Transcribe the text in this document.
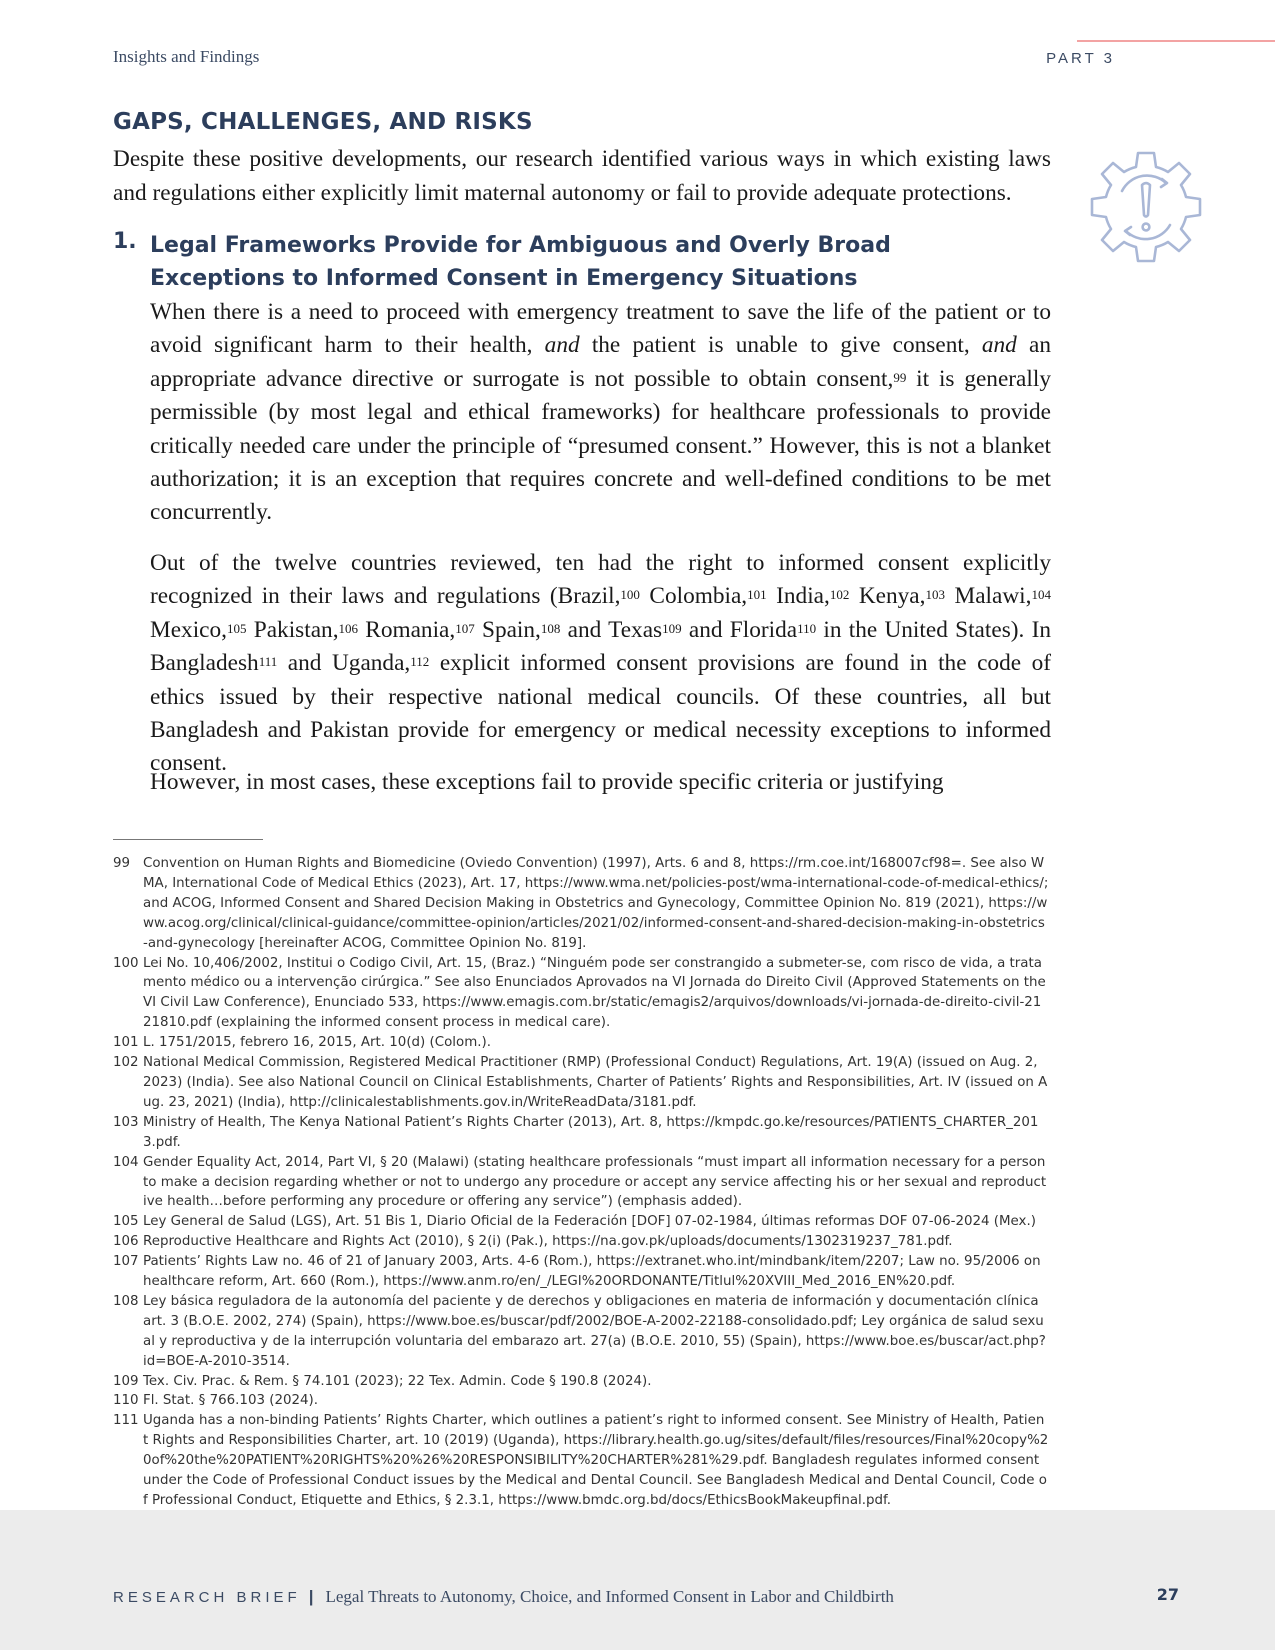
Insights and Findings	PART 3
GAPS, CHALLENGES, AND RISKS

Despite these positive developments, our research identified various ways in which existing laws and regulations either explicitly limit maternal autonomy or fail to provide adequate protections.

1. Legal Frameworks Provide for Ambiguous and Overly Broad Exceptions to Informed Consent in Emergency Situations

When there is a need to proceed with emergency treatment to save the life of the patient or to avoid significant harm to their health, and the patient is unable to give consent, and an appropriate advance directive or surrogate is not possible to obtain consent,$^{99}$ it is generally permissible (by most legal and ethical frameworks) for healthcare professionals to provide critically needed care under the principle of “presumed consent.” However, this is not a blanket authorization; it is an exception that requires concrete and well-defined conditions to be met concurrently.

Out of the twelve countries reviewed, ten had the right to informed consent explicitly recognized in their laws and regulations (Brazil,$^{100}$ Colombia,$^{101}$ India,$^{102}$ Kenya,$^{103}$ Malawi,$^{104}$ Mexico,$^{105}$ Pakistan,$^{106}$ Romania,$^{107}$ Spain,$^{108}$ and Texas$^{109}$ and Florida$^{110}$ in the United States). In Bangladesh$^{111}$ and Uganda,$^{112}$ explicit informed consent provisions are found in the code of ethics issued by their respective national medical councils. Of these countries, all but Bangladesh and Pakistan provide for emergency or medical necessity exceptions to informed consent.

However, in most cases, these exceptions fail to provide specific criteria or justifying

99 Convention on Human Rights and Biomedicine (Oviedo Convention) (1997), Arts. 6 and 8, https://rm.coe.int/168007cf98=. See also WMA, International Code of Medical Ethics (2023), Art. 17, https://www.wma.net/policies-post/wma-international-code-of-medical-ethics/; and ACOG, Informed Consent and Shared Decision Making in Obstetrics and Gynecology, Committee Opinion No. 819 (2021), https://www.acog.org/clinical/clinical-guidance/committee-opinion/articles/2021/02/informed-consent-and-shared-decision-making-in-obstetrics-and-gynecology [hereinafter ACOG, Committee Opinion No. 819].
100 Lei No. 10,406/2002, Institui o Codigo Civil, Art. 15, (Braz.) “Ninguém pode ser constrangido a submeter-se, com risco de vida, a tratamento médico ou a intervenção cirúrgica.” See also Enunciados Aprovados na VI Jornada do Direito Civil (Approved Statements on the VI Civil Law Conference), Enunciado 533, https://www.emagis.com.br/static/emagis2/arquivos/downloads/vi-jornada-de-direito-civil-2121810.pdf (explaining the informed consent process in medical care).
101 L. 1751/2015, febrero 16, 2015, Art. 10(d) (Colom.).
102 National Medical Commission, Registered Medical Practitioner (RMP) (Professional Conduct) Regulations, Art. 19(A) (issued on Aug. 2, 2023) (India). See also National Council on Clinical Establishments, Charter of Patients’ Rights and Responsibilities, Art. IV (issued on Aug. 23, 2021) (India), http://clinicalestablishments.gov.in/WriteReadData/3181.pdf.
103 Ministry of Health, The Kenya National Patient’s Rights Charter (2013), Art. 8, https://kmpdc.go.ke/resources/PATIENTS_CHARTER_2013.pdf.
104 Gender Equality Act, 2014, Part VI, § 20 (Malawi) (stating healthcare professionals “must impart all information necessary for a person to make a decision regarding whether or not to undergo any procedure or accept any service affecting his or her sexual and reproductive health…before performing any procedure or offering any service”) (emphasis added).
105 Ley General de Salud (LGS), Art. 51 Bis 1, Diario Oficial de la Federación [DOF] 07-02-1984, últimas reformas DOF 07-06-2024 (Mex.)
106 Reproductive Healthcare and Rights Act (2010), § 2(i) (Pak.), https://na.gov.pk/uploads/documents/1302319237_781.pdf.
107 Patients’ Rights Law no. 46 of 21 of January 2003, Arts. 4-6 (Rom.), https://extranet.who.int/mindbank/item/2207; Law no. 95/2006 on healthcare reform, Art. 660 (Rom.), https://www.anm.ro/en/_/LEGI%20ORDONANTE/Titlul%20XVIII_Med_2016_EN%20.pdf.
108 Ley básica reguladora de la autonomía del paciente y de derechos y obligaciones en materia de información y documentación clínica art. 3 (B.O.E. 2002, 274) (Spain), https://www.boe.es/buscar/pdf/2002/BOE-A-2002-22188-consolidado.pdf; Ley orgánica de salud sexual y reproductiva y de la interrupción voluntaria del embarazo art. 27(a) (B.O.E. 2010, 55) (Spain), https://www.boe.es/buscar/act.php?id=BOE-A-2010-3514.
109 Tex. Civ. Prac. & Rem. § 74.101 (2023); 22 Tex. Admin. Code § 190.8 (2024).
110 Fl. Stat. § 766.103 (2024).
111 Uganda has a non-binding Patients’ Rights Charter, which outlines a patient’s right to informed consent. See Ministry of Health, Patient Rights and Responsibilities Charter, art. 10 (2019) (Uganda), https://library.health.go.ug/sites/default/files/resources/Final%20copy%20of%20the%20PATIENT%20RIGHTS%20%26%20RESPONSIBILITY%20CHARTER%281%29.pdf. Bangladesh regulates informed consent under the Code of Professional Conduct issues by the Medical and Dental Council. See Bangladesh Medical and Dental Council, Code of Professional Conduct, Etiquette and Ethics, § 2.3.1, https://www.bmdc.org.bd/docs/EthicsBookMakeupfinal.pdf.
RESEARCH BRIEF | Legal Threats to Autonomy, Choice, and Informed Consent in Labor and Childbirth	27
